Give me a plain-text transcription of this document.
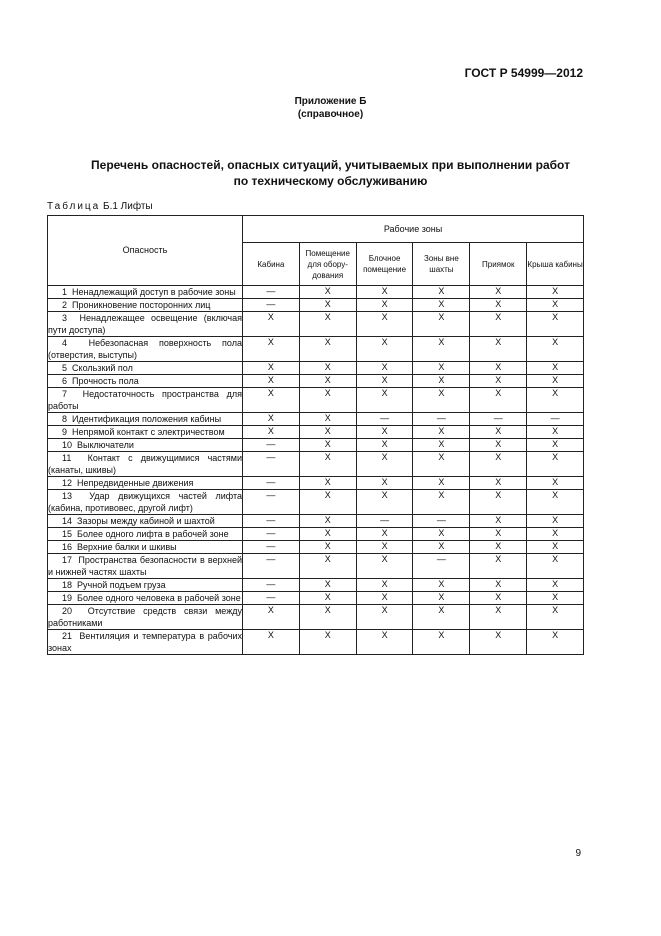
ГОСТ Р 54999—2012
Приложение Б
(справочное)
Перечень опасностей, опасных ситуаций, учитываемых при выполнении работ
по техническому обслуживанию
Таблица Б.1 Лифты
Опасность	Рабочие зоны					
	Кабина	Помещение для обору-дования	Блочное помещение	Зоны вне шахты	Приямок	Крыша кабины
1 Ненадлежащий доступ в рабочие зоны	—	X	X	X	X	X
2 Проникновение посторонних лиц	—	X	X	X	X	X
3 Ненадлежащее освещение (включая пути доступа)	X	X	X	X	X	X
4 Небезопасная поверхность пола (отверстия, выступы)	X	X	X	X	X	X
5 Скользкий пол	X	X	X	X	X	X
6 Прочность пола	X	X	X	X	X	X
7 Недостаточность пространства для работы	X	X	X	X	X	X
8 Идентификация положения кабины	X	X	—	—	—	—
9 Непрямой контакт с электричеством	X	X	X	X	X	X
10 Выключатели	—	X	X	X	X	X
11 Контакт с движущимися частями (канаты, шкивы)	—	X	X	X	X	X
12 Непредвиденные движения	—	X	X	X	X	X
13 Удар движущихся частей лифта (кабина, противовес, другой лифт)	—	X	X	X	X	X
14 Зазоры между кабиной и шахтой	—	X	—	—	X	X
15 Более одного лифта в рабочей зоне	—	X	X	X	X	X
16 Верхние балки и шкивы	—	X	X	X	X	X
17 Пространства безопасности в верхней и нижней частях шахты	—	X	X	—	X	X
18 Ручной подъем груза	—	X	X	X	X	X
19 Более одного человека в рабочей зоне	—	X	X	X	X	X
20 Отсутствие средств связи между работниками	X	X	X	X	X	X
21 Вентиляция и температура в рабочих зонах	X	X	X	X	X	X
9
